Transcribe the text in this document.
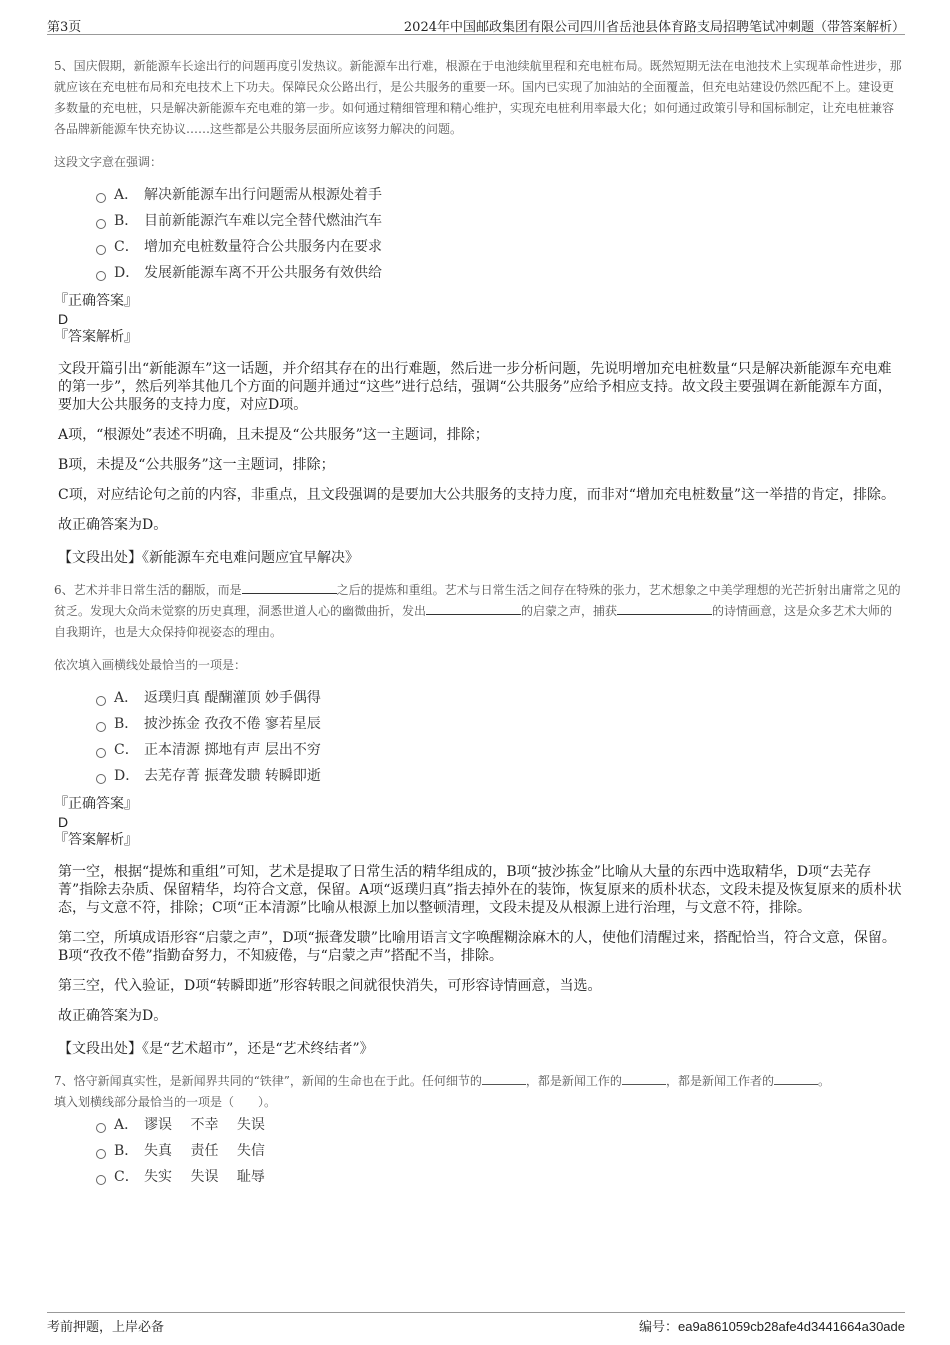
第3页	2024年中国邮政集团有限公司四川省岳池县体育路支局招聘笔试冲刺题（带答案解析）

5、国庆假期，新能源车长途出行的问题再度引发热议。新能源车出行难，根源在于电池续航里程和充电桩布局。既然短期无法在电池技术上实现革命性进步，那就应该在充电桩布局和充电技术上下功夫。保障民众公路出行，是公共服务的重要一环。国内已实现了加油站的全面覆盖，但充电站建设仍然匹配不上。建设更多数量的充电桩，只是解决新能源车充电难的第一步。如何通过精细管理和精心维护，实现充电桩利用率最大化；如何通过政策引导和国标制定，让充电桩兼容各品牌新能源车快充协议……这些都是公共服务层面所应该努力解决的问题。

这段文字意在强调：

A． 解决新能源车出行问题需从根源处着手
B． 目前新能源汽车难以完全替代燃油汽车
C． 增加充电桩数量符合公共服务内在要求
D． 发展新能源车离不开公共服务有效供给

『正确答案』

D

『答案解析』

文段开篇引出“新能源车”这一话题，并介绍其存在的出行难题，然后进一步分析问题，先说明增加充电桩数量“只是解决新能源车充电难的第一步”，然后列举其他几个方面的问题并通过“这些”进行总结，强调“公共服务”应给予相应支持。故文段主要强调在新能源车方面，要加大公共服务的支持力度，对应D项。

A项，“根源处”表述不明确，且未提及“公共服务”这一主题词，排除；

B项，未提及“公共服务”这一主题词，排除；

C项，对应结论句之前的内容，非重点，且文段强调的是要加大公共服务的支持力度，而非对“增加充电桩数量”这一举措的肯定，排除。

故正确答案为D。

【文段出处】《新能源车充电难问题应宜早解决》

6、艺术并非日常生活的翻版，而是	之后的提炼和重组。艺术与日常生活之间存在特殊的张力，艺术想象之中美学理想的光芒折射出庸常之见的贫乏。发现大众尚未觉察的历史真理，洞悉世道人心的幽微曲折，发出	的启蒙之声，捕获	的诗情画意，这是众多艺术大师的自我期许，也是大众保持仰视姿态的理由。

依次填入画横线处最恰当的一项是：

A． 返璞归真 醍醐灌顶 妙手偶得
B． 披沙拣金 孜孜不倦 寥若星辰
C． 正本清源 掷地有声 层出不穷
D． 去芜存菁 振聋发聩 转瞬即逝

『正确答案』

D

『答案解析』

第一空，根据“提炼和重组”可知，艺术是提取了日常生活的精华组成的，B项“披沙拣金”比喻从大量的东西中选取精华，D项“去芜存菁”指除去杂质、保留精华，均符合文意，保留。A项“返璞归真”指去掉外在的装饰，恢复原来的质朴状态，文段未提及恢复原来的质朴状态，与文意不符，排除；C项“正本清源”比喻从根源上加以整顿清理，文段未提及从根源上进行治理，与文意不符，排除。

第二空，所填成语形容“启蒙之声”，D项“振聋发聩”比喻用语言文字唤醒糊涂麻木的人，使他们清醒过来，搭配恰当，符合文意，保留。B项“孜孜不倦”指勤奋努力，不知疲倦，与“启蒙之声”搭配不当，排除。

第三空，代入验证，D项“转瞬即逝”形容转眼之间就很快消失，可形容诗情画意，当选。

故正确答案为D。

【文段出处】《是“艺术超市”，还是“艺术终结者”》

7、恪守新闻真实性，是新闻界共同的“铁律”，新闻的生命也在于此。任何细节的	，都是新闻工作的	，都是新闻工作者的	。

填入划横线部分最恰当的一项是（　　）。

A． 谬误　 不幸　 失误
B． 失真　 责任　 失信
C． 失实　 失误　 耻辱
考前押题，上岸必备	编号：ea9a861059cb28afe4d3441664a30ade
